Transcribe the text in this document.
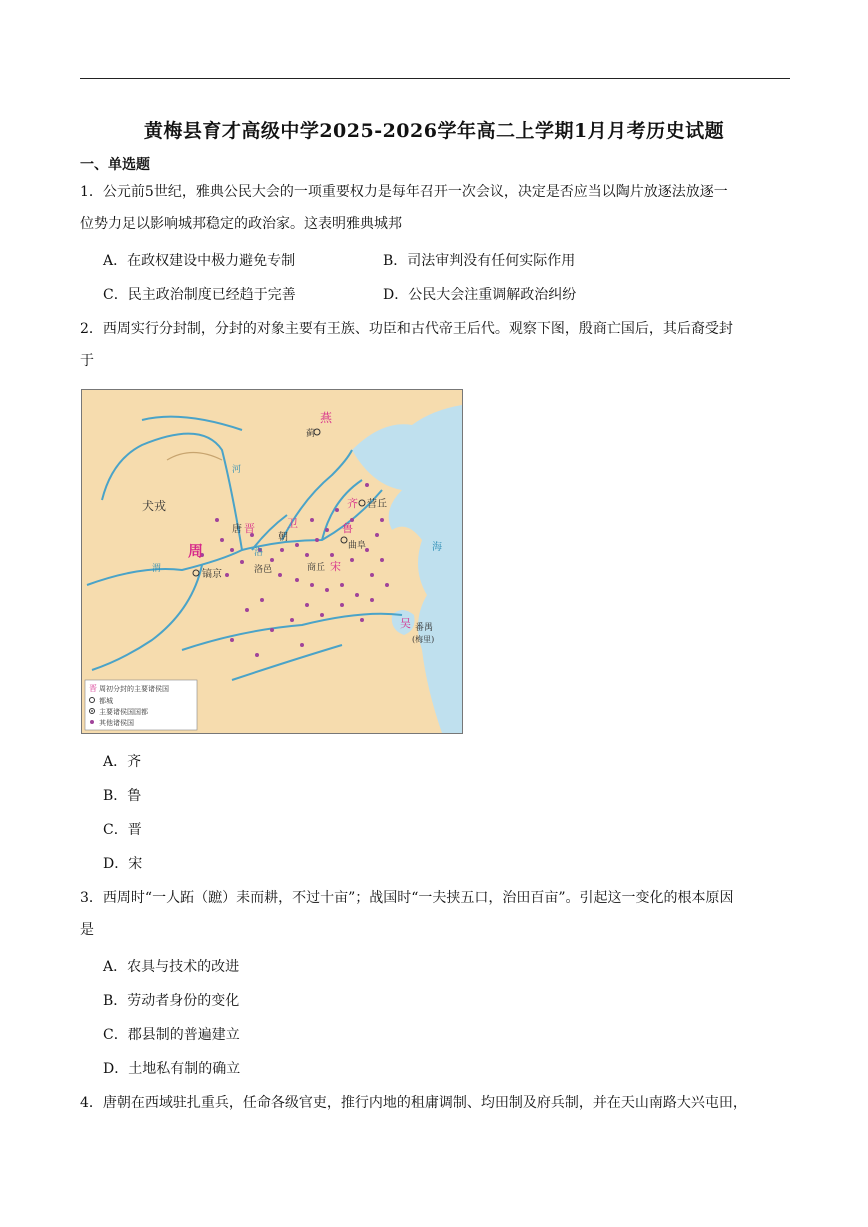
黄梅县育才高级中学2025-2026学年高二上学期1月月考历史试题
一、单选题
1．公元前5世纪，雅典公民大会的一项重要权力是每年召开一次会议，决定是否应当以陶片放逐法放逐一
位势力足以影响城邦稳定的政治家。这表明雅典城邦
A．在政权建设中极力避免专制	B．司法审判没有任何实际作用
C．民主政治制度已经趋于完善	D．公民大会注重调解政治纠纷
2．西周实行分封制，分封的对象主要有王族、功臣和古代帝王后代。观察下图，殷商亡国后，其后裔受封
于
燕
蓟
犬戎
周
镐京
唐 晋	卫
朝
齐 营丘
鲁
曲阜
商丘 宋
洛邑
吴 番禺
(梅里)
海
河
渭
洛
晋 周初分封的主要诸侯国
都城
主要诸侯国国都
其他诸侯国
A．齐
B．鲁
C．晋
D．宋
3．西周时“一人跖（蹠）耒而耕，不过十亩”；战国时“一夫挟五口，治田百亩”。引起这一变化的根本原因
是
A．农具与技术的改进
B．劳动者身份的变化
C．郡县制的普遍建立
D．土地私有制的确立
4．唐朝在西域驻扎重兵，任命各级官吏，推行内地的租庸调制、均田制及府兵制，并在天山南路大兴屯田，
